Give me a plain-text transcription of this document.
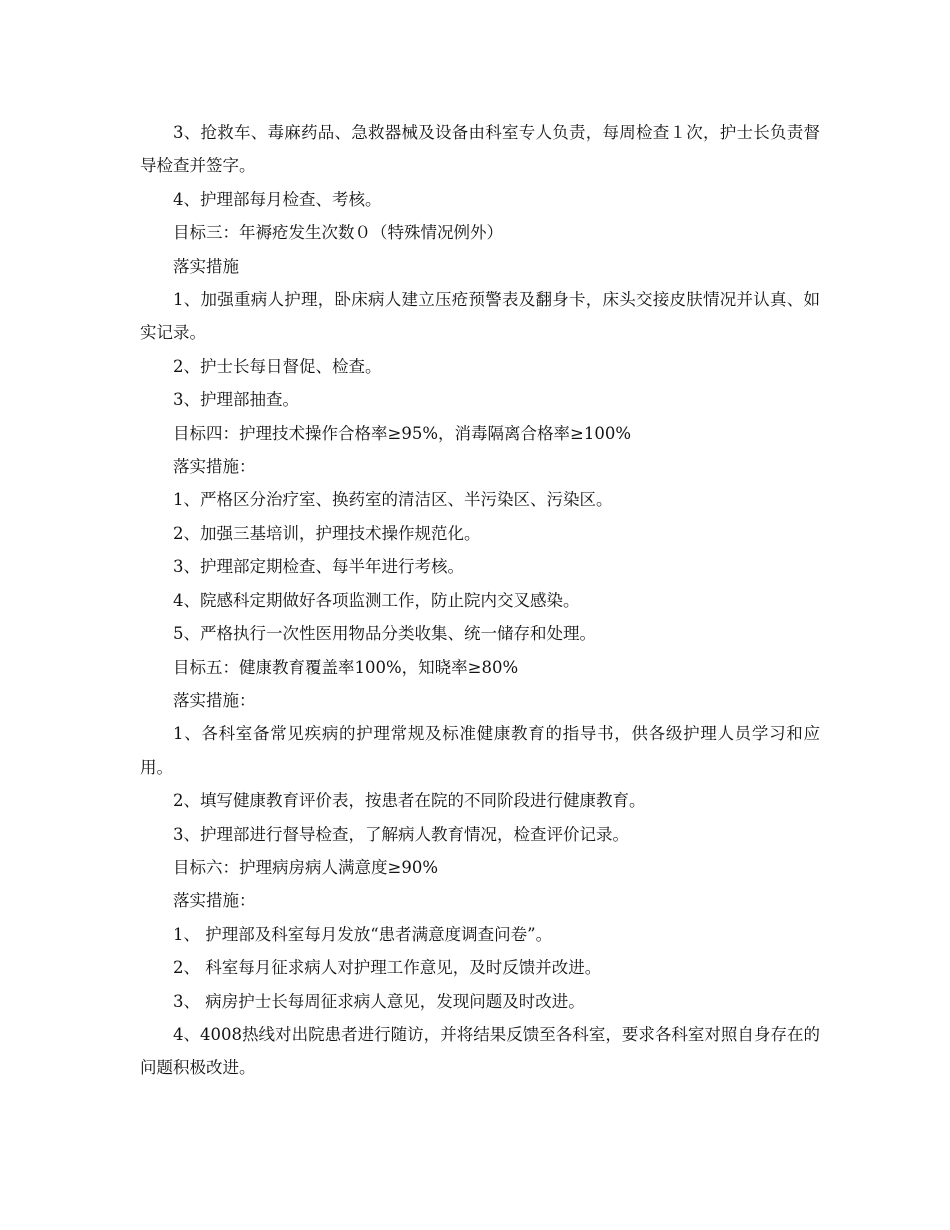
3、抢救车、毒麻药品、急救器械及设备由科室专人负责，每周检查１次，护士长负责督导检查并签字。

4、护理部每月检查、考核。

目标三：年褥疮发生次数０（特殊情况例外）

落实措施

1、加强重病人护理，卧床病人建立压疮预警表及翻身卡，床头交接皮肤情况并认真、如实记录。

2、护士长每日督促、检查。

3、护理部抽查。

目标四：护理技术操作合格率≥95%，消毒隔离合格率≥100%

落实措施：

1、严格区分治疗室、换药室的清洁区、半污染区、污染区。

2、加强三基培训，护理技术操作规范化。

3、护理部定期检查、每半年进行考核。

4、院感科定期做好各项监测工作，防止院内交叉感染。

5、严格执行一次性医用物品分类收集、统一储存和处理。

目标五：健康教育覆盖率100%，知晓率≥80%

落实措施：

1、各科室备常见疾病的护理常规及标准健康教育的指导书，供各级护理人员学习和应用。

2、填写健康教育评价表，按患者在院的不同阶段进行健康教育。

3、护理部进行督导检查，了解病人教育情况，检查评价记录。

目标六：护理病房病人满意度≥90%

落实措施：

1、 护理部及科室每月发放“患者满意度调查问卷”。

2、 科室每月征求病人对护理工作意见，及时反馈并改进。

3、 病房护士长每周征求病人意见，发现问题及时改进。

4、4008热线对出院患者进行随访，并将结果反馈至各科室，要求各科室对照自身存在的问题积极改进。
